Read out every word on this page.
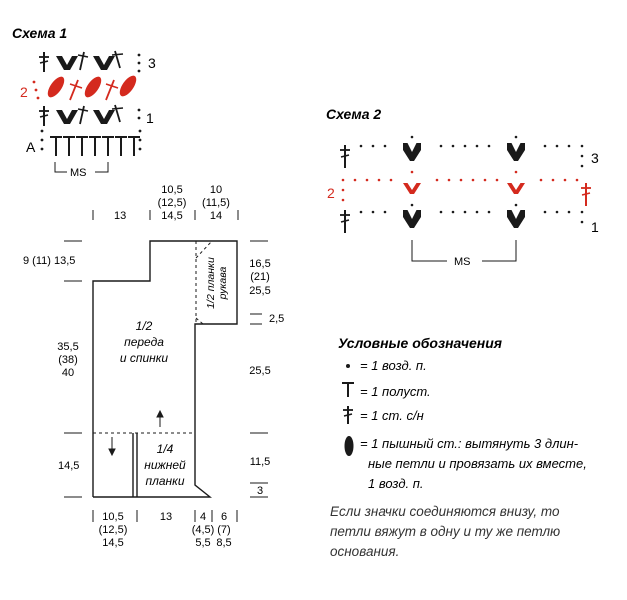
Схема 1
3
2
1
A
MS
Схема 2
3
2
1
MS
13
10,5
(12,5)
14,5
10
(11,5)
14
9 (11) 13,5
35,5
(38)
40
14,5
16,5
(21)
25,5
2,5
25,5
11,5
3
1/2
переда
и спинки
1/2 планки рукава
1/4
нижней
планки
10,5
(12,5)
14,5
13	4
(4,5)
5,5
6
(7)
8,5
Условные обозначения
= 1 возд. п.
= 1 полуст.
= 1 ст. с/н
= 1 пышный ст.: вытянуть 3 длин-
ные петли и провязать их вместе,
1 возд. п.
Если значки соединяются внизу, то
петли вяжут в одну и ту же петлю
основания.
